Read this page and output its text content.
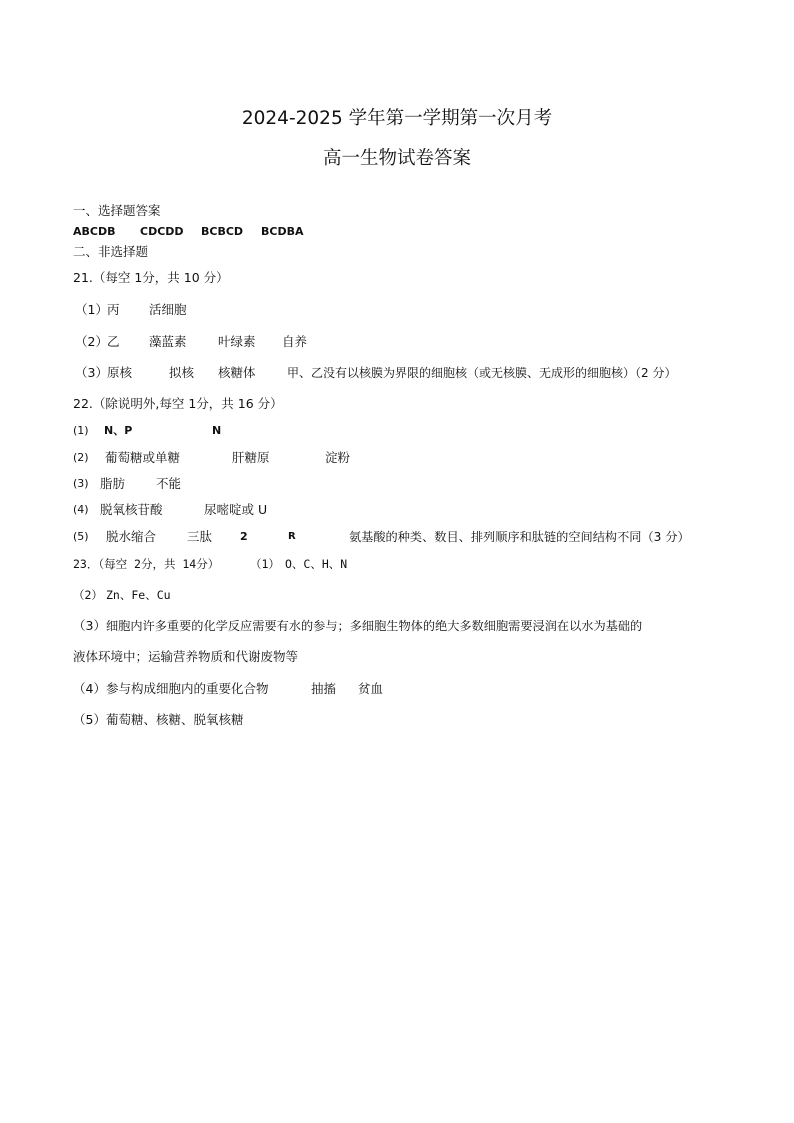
2024-2025 学年第一学期第一次月考
高一生物试卷答案
一、选择题答案
ABCDB CDCDD BCBCD BCDBA
二、非选择题
21.（每空 1分，共 10 分）
（1） 丙 活细胞
（2） 乙 藻蓝素	叶绿素 自养
（3） 原核	拟核 核糖体	甲、乙没有以核膜为界限的细胞核（或无核膜、无成形的细胞核）（2 分）
22.（除说明外,每空 1分，共 16 分）
(1) N、P	N
(2) 葡萄糖或单糖	肝糖原	淀粉
(3) 脂肪 不能
(4) 脱氧核苷酸	尿嘧啶或 U
(5) 脱水缩合 三肽	2	R	氨基酸的种类、数目、排列顺序和肽链的空间结构不同（3 分）
23．（每空 2分，共 14分）	（1） O、C、H、N
（2） Zn、Fe、Cu
（3） 细胞内许多重要的化学反应需要有水的参与；多细胞生物体的绝大多数细胞需要浸润在以水为基础的
液体环境中；运输营养物质和代谢废物等
（4） 参与构成细胞内的重要化合物	抽搐 贫血
（5） 葡萄糖、核糖、脱氧核糖
